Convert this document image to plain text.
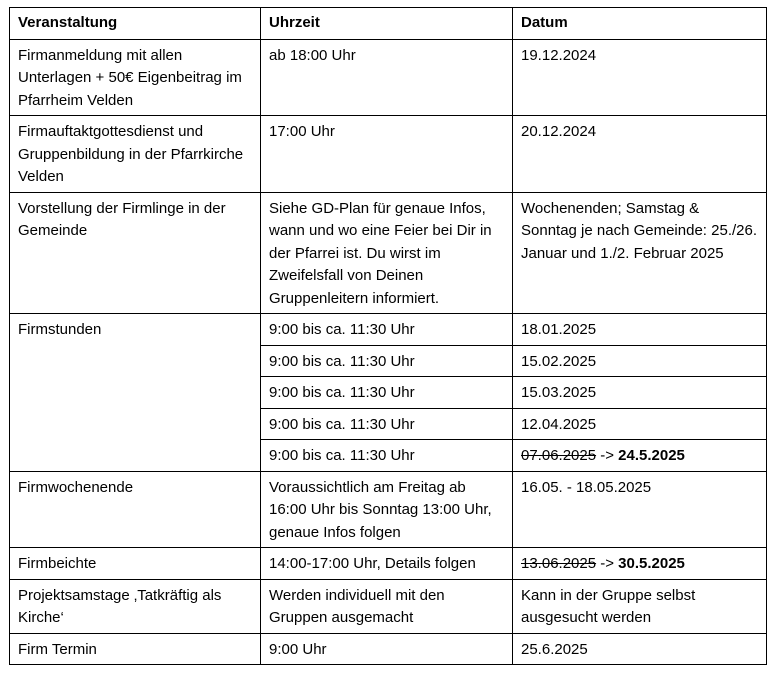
Veranstaltung	Uhrzeit	Datum
Firmanmeldung mit allen Unterlagen + 50€ Eigenbeitrag im Pfarrheim Velden	ab 18:00 Uhr	19.12.2024
Firmauftaktgottesdienst und Gruppenbildung in der Pfarrkirche Velden	17:00 Uhr	20.12.2024
Vorstellung der Firmlinge in der Gemeinde	Siehe GD-Plan für genaue Infos, wann und wo eine Feier bei Dir in der Pfarrei ist. Du wirst im Zweifelsfall von Deinen Gruppenleitern informiert.	Wochenenden; Samstag & Sonntag je nach Gemeinde: 25./26. Januar und 1./2. Februar 2025
Firmstunden	9:00 bis ca. 11:30 Uhr	18.01.2025
	9:00 bis ca. 11:30 Uhr	15.02.2025
	9:00 bis ca. 11:30 Uhr	15.03.2025
	9:00 bis ca. 11:30 Uhr	12.04.2025
	9:00 bis ca. 11:30 Uhr	07.06.2025 -> 24.5.2025
Firmwochenende	Voraussichtlich am Freitag ab 16:00 Uhr bis Sonntag 13:00 Uhr, genaue Infos folgen	16.05. - 18.05.2025
Firmbeichte	14:00-17:00 Uhr, Details folgen	13.06.2025 -> 30.5.2025
Projektsamstage ‚Tatkräftig als Kirche‘	Werden individuell mit den Gruppen ausgemacht	Kann in der Gruppe selbst ausgesucht werden
Firm Termin	9:00 Uhr	25.6.2025
